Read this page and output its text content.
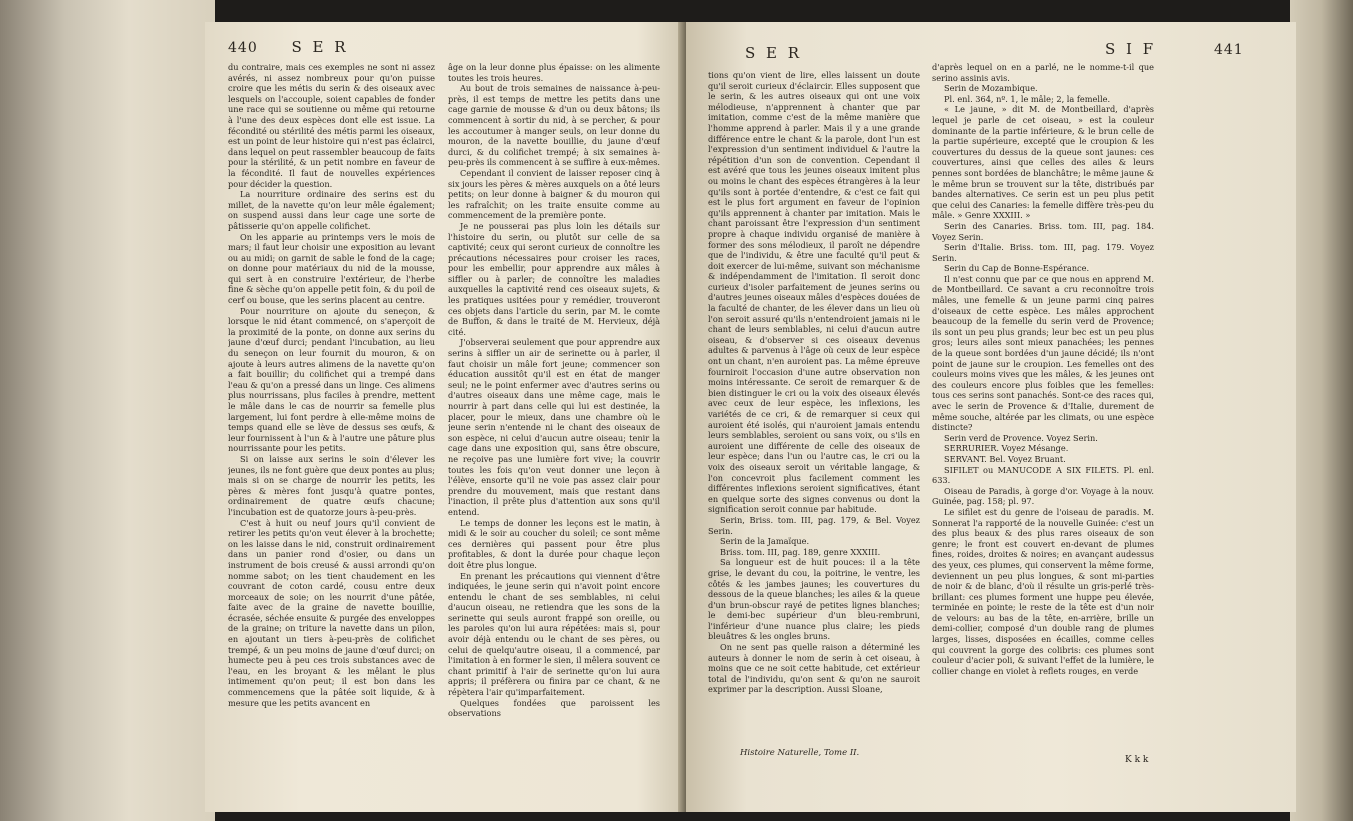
440 S E R

du contraire, mais ces exemples ne sont ni assez avérés, ni assez nombreux pour qu'on puisse croire que les métis du serin & des oiseaux avec lesquels on l'accouple, soient capables de fonder une race qui se soutienne ou même qui retourne à l'une des deux espèces dont elle est issue. La fécondité ou stérilité des métis parmi les oiseaux, est un point de leur histoire qui n'est pas éclairci, dans lequel on peut rassembler beaucoup de faits pour la stérilité, & un petit nombre en faveur de la fécondité. Il faut de nouvelles expériences pour décider la question.

La nourriture ordinaire des serins est du millet, de la navette qu'on leur mêle également; on suspend aussi dans leur cage une sorte de pâtisserie qu'on appelle colifichet.

On les apparie au printemps vers le mois de mars; il faut leur choisir une exposition au levant ou au midi; on garnit de sable le fond de la cage; on donne pour matériaux du nid de la mousse, qui sert à en construire l'extérieur, de l'herbe fine & sèche qu'on appelle petit foin, & du poil de cerf ou bouse, que les serins placent au centre.

Pour nourriture on ajoute du seneçon, & lorsque le nid étant commencé, on s'aperçoit de la proximité de la ponte, on donne aux serins du jaune d'œuf durci; pendant l'incubation, au lieu du seneçon on leur fournit du mouron, & on ajoute à leurs autres alimens de la navette qu'on a fait bouillir; du colifichet qui a trempé dans l'eau & qu'on a pressé dans un linge. Ces alimens plus nourrissans, plus faciles à prendre, mettent le mâle dans le cas de nourrir sa femelle plus largement, lui font perdre à elle-même moins de temps quand elle se lève de dessus ses œufs, & leur fournissent à l'un & à l'autre une pâture plus nourrissante pour les petits.

Si on laisse aux serins le soin d'élever les jeunes, ils ne font guère que deux pontes au plus; mais si on se charge de nourrir les petits, les pères & mères font jusqu'à quatre pontes, ordinairement de quatre œufs chacune; l'incubation est de quatorze jours à-peu-près.

C'est à huit ou neuf jours qu'il convient de retirer les petits qu'on veut élever à la brochette; on les laisse dans le nid, construit ordinairement dans un panier rond d'osier, ou dans un instrument de bois creusé & aussi arrondi qu'on nomme sabot; on les tient chaudement en les couvrant de coton cardé, cousu entre deux morceaux de soie; on les nourrit d'une pâtée, faite avec de la graine de navette bouillie, écrasée, séchée ensuite & purgée des enveloppes de la graine; on triture la navette dans un pilon, en ajoutant un tiers à-peu-près de colifichet trempé, & un peu moins de jaune d'œuf durci; on humecte peu à peu ces trois substances avec de l'eau, en les broyant & les mêlant le plus intimement qu'on peut; il est bon dans les commencemens que la pâtée soit liquide, & à mesure que les petits avancent en

âge on la leur donne plus épaisse: on les alimente toutes les trois heures.

Au bout de trois semaines de naissance à-peu-près, il est temps de mettre les petits dans une cage garnie de mousse & d'un ou deux bâtons; ils commencent à sortir du nid, à se percher, & pour les accoutumer à manger seuls, on leur donne du mouron, de la navette bouillie, du jaune d'œuf durci, & du colifichet trempé; à six semaines à-peu-près ils commencent à se suffire à eux-mêmes.

Cependant il convient de laisser reposer cinq à six jours les pères & mères auxquels on a ôté leurs petits; on leur donne à baigner & du mouron qui les rafraîchit; on les traite ensuite comme au commencement de la première ponte.

Je ne pousserai pas plus loin les détails sur l'histoire du serin, ou plutôt sur celle de sa captivité; ceux qui seront curieux de connoître les précautions nécessaires pour croiser les races, pour les embellir, pour apprendre aux mâles à siffler ou à parler; de connoître les maladies auxquelles la captivité rend ces oiseaux sujets, & les pratiques usitées pour y remédier, trouveront ces objets dans l'article du serin, par M. le comte de Buffon, & dans le traité de M. Hervieux, déjà cité.

J'observerai seulement que pour apprendre aux serins à siffler un air de serinette ou à parler, il faut choisir un mâle fort jeune; commencer son éducation aussitôt qu'il est en état de manger seul; ne le point enfermer avec d'autres serins ou d'autres oiseaux dans une même cage, mais le nourrir à part dans celle qui lui est destinée, la placer, pour le mieux, dans une chambre où le jeune serin n'entende ni le chant des oiseaux de son espèce, ni celui d'aucun autre oiseau; tenir la cage dans une exposition qui, sans être obscure, ne reçoive pas une lumière fort vive; la couvrir toutes les fois qu'on veut donner une leçon à l'élève, ensorte qu'il ne voie pas assez clair pour prendre du mouvement, mais que restant dans l'inaction, il prête plus d'attention aux sons qu'il entend.

Le temps de donner les leçons est le matin, à midi & le soir au coucher du soleil; ce sont même ces dernières qui passent pour être plus profitables, & dont la durée pour chaque leçon doit être plus longue.

En prenant les précautions qui viennent d'être indiquées, le jeune serin qui n'avoit point encore entendu le chant de ses semblables, ni celui d'aucun oiseau, ne retiendra que les sons de la serinette qui seuls auront frappé son oreille, ou les paroles qu'on lui aura répétées: mais si, pour avoir déjà entendu ou le chant de ses pères, ou celui de quelqu'autre oiseau, il a commencé, par l'imitation à en former le sien, il mêlera souvent ce chant primitif à l'air de serinette qu'on lui aura appris; il préfèrera ou finira par ce chant, & ne répètera l'air qu'imparfaitement.

Quelques fondées que paroissent les observations

S E R	S I F	441

tions qu'on vient de lire, elles laissent un doute qu'il seroit curieux d'éclaircir. Elles supposent que le serin, & les autres oiseaux qui ont une voix mélodieuse, n'apprennent à chanter que par imitation, comme c'est de la même manière que l'homme apprend à parler. Mais il y a une grande différence entre le chant & la parole, dont l'un est l'expression d'un sentiment individuel & l'autre la répétition d'un son de convention. Cependant il est avéré que tous les jeunes oiseaux imitent plus ou moins le chant des espèces étrangères à la leur qu'ils sont à portée d'entendre, & c'est ce fait qui est le plus fort argument en faveur de l'opinion qu'ils apprennent à chanter par imitation. Mais le chant paroissant être l'expression d'un sentiment propre à chaque individu organisé de manière à former des sons mélodieux, il paroît ne dépendre que de l'individu, & être une faculté qu'il peut & doit exercer de lui-même, suivant son méchanisme & indépendamment de l'imitation. Il seroit donc curieux d'isoler parfaitement de jeunes serins ou d'autres jeunes oiseaux mâles d'espèces douées de la faculté de chanter, de les élever dans un lieu où l'on seroit assuré qu'ils n'entendroient jamais ni le chant de leurs semblables, ni celui d'aucun autre oiseau, & d'observer si ces oiseaux devenus adultes & parvenus à l'âge où ceux de leur espèce ont un chant, n'en auroient pas. La même épreuve fourniroit l'occasion d'une autre observation non moins intéressante. Ce seroit de remarquer & de bien distinguer le cri ou la voix des oiseaux élevés avec ceux de leur espèce, les inflexions, les variétés de ce cri, & de remarquer si ceux qui auroient été isolés, qui n'auroient jamais entendu leurs semblables, seroient ou sans voix, ou s'ils en auroient une différente de celle des oiseaux de leur espèce; dans l'un ou l'autre cas, le cri ou la voix des oiseaux seroit un véritable langage, & l'on concevroit plus facilement comment les différentes inflexions seroient significatives, étant en quelque sorte des signes convenus ou dont la signification seroit connue par habitude.

Serin, Briss. tom. III, pag. 179, & Bel. Voyez Serin.

Serin de la Jamaïque.

Briss. tom. III, pag. 189, genre XXXIII.

Sa longueur est de huit pouces: il a la tête grise, le devant du cou, la poitrine, le ventre, les côtés & les jambes jaunes; les couvertures du dessous de la queue blanches; les ailes & la queue d'un brun-obscur rayé de petites lignes blanches; le demi-bec supérieur d'un bleu-rembruni, l'inférieur d'une nuance plus claire; les pieds bleuâtres & les ongles bruns.

On ne sent pas quelle raison a déterminé les auteurs à donner le nom de serin à cet oiseau, à moins que ce ne soit cette habitude, cet extérieur total de l'individu, qu'on sent & qu'on ne sauroit exprimer par la description. Aussi Sloane,

Histoire Naturelle, Tome II.

d'après lequel on en a parlé, ne le nomme-t-il que serino assinis avis.

Serin de Mozambique.

Pl. enl. 364, nº. 1, le mâle; 2, la femelle.

« Le jaune, » dit M. de Montbeillard, d'après lequel je parle de cet oiseau, » est la couleur dominante de la partie inférieure, & le brun celle de la partie supérieure, excepté que le croupion & les couvertures du dessus de la queue sont jaunes: ces couvertures, ainsi que celles des ailes & leurs pennes sont bordées de blanchâtre; le même jaune & le même brun se trouvent sur la tête, distribués par bandes alternatives. Ce serin est un peu plus petit que celui des Canaries: la femelle diffère très-peu du mâle. » Genre XXXIII. »

Serin des Canaries. Briss. tom. III, pag. 184. Voyez Serin.

Serin d'Italie. Briss. tom. III, pag. 179. Voyez Serin.

Serin du Cap de Bonne-Espérance.

Il n'est connu que par ce que nous en apprend M. de Montbeillard. Ce savant a cru reconnoître trois mâles, une femelle & un jeune parmi cinq paires d'oiseaux de cette espèce. Les mâles approchent beaucoup de la femelle du serin verd de Provence; ils sont un peu plus grands; leur bec est un peu plus gros; leurs ailes sont mieux panachées; les pennes de la queue sont bordées d'un jaune décidé; ils n'ont point de jaune sur le croupion. Les femelles ont des couleurs moins vives que les mâles, & les jeunes ont des couleurs encore plus foibles que les femelles: tous ces serins sont panachés. Sont-ce des races qui, avec le serin de Provence & d'Italie, durement de même souche, altérée par les climats, ou une espèce distincte?

Serin verd de Provence. Voyez Serin.

SERRURIER. Voyez Mésange.

SERVANT. Bel. Voyez Bruant.

SIFILET ou MANUCODE A SIX FILETS. Pl. enl. 633.

Oiseau de Paradis, à gorge d'or. Voyage à la nouv. Guinée, pag. 158; pl. 97.

Le sifilet est du genre de l'oiseau de paradis. M. Sonnerat l'a rapporté de la nouvelle Guinée: c'est un des plus beaux & des plus rares oiseaux de son genre; le front est couvert en-devant de plumes fines, roides, droites & noires; en avançant audessus des yeux, ces plumes, qui conservent la même forme, deviennent un peu plus longues, & sont mi-parties de noir & de blanc, d'où il résulte un gris-perlé très-brillant: ces plumes forment une huppe peu élevée, terminée en pointe; le reste de la tête est d'un noir de velours: au bas de la tête, en-arrière, brille un demi-collier, composé d'un double rang de plumes larges, lisses, disposées en écailles, comme celles qui couvrent la gorge des colibris: ces plumes sont couleur d'acier poli, & suivant l'effet de la lumière, le collier change en violet à reflets rouges, en verde

K k k
